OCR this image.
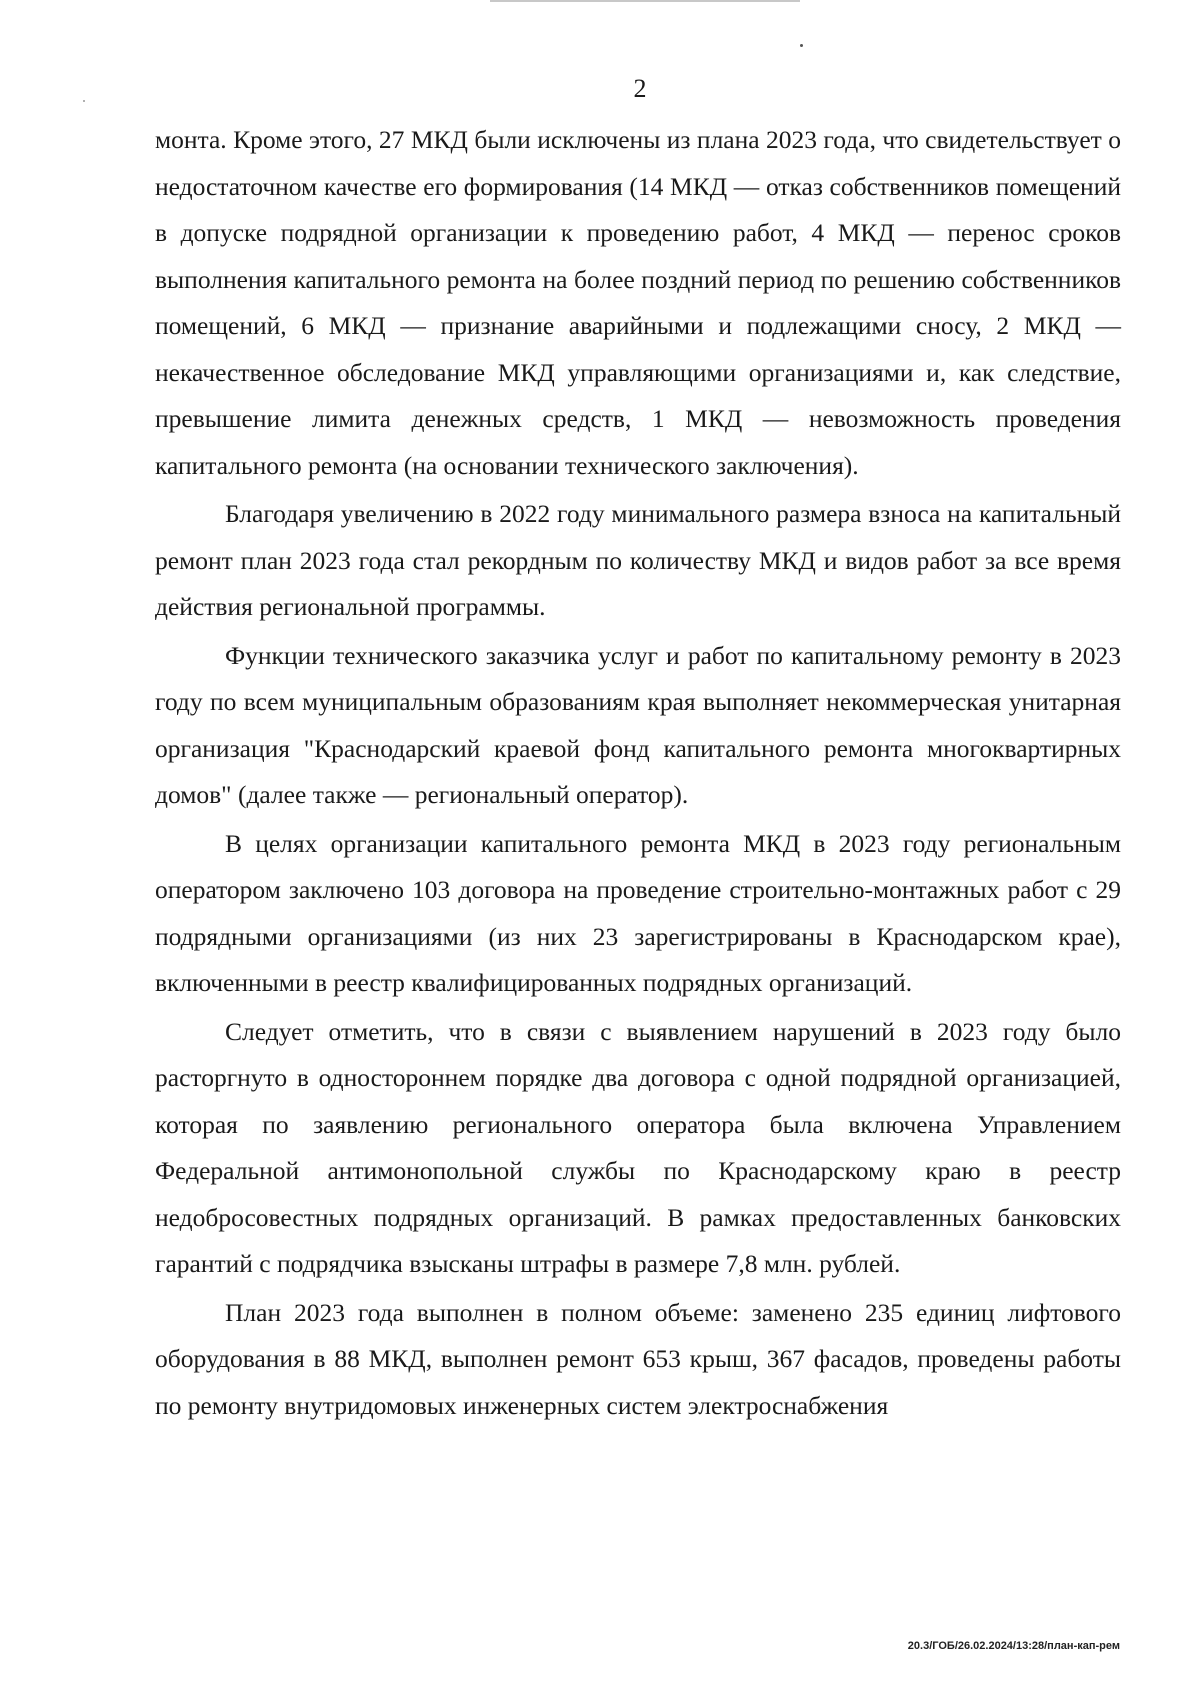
2

монта. Кроме этого, 27 МКД были исключены из плана 2023 года, что свидетельствует о недостаточном качестве его формирования (14 МКД — отказ собственников помещений в допуске подрядной организации к проведению работ, 4 МКД — перенос сроков выполнения капитального ремонта на более поздний период по решению собственников помещений, 6 МКД — признание аварийными и подлежащими сносу, 2 МКД — некачественное обследование МКД управляющими организациями и, как следствие, превышение лимита денежных средств, 1 МКД — невозможность проведения капитального ремонта (на основании технического заключения).

Благодаря увеличению в 2022 году минимального размера взноса на капитальный ремонт план 2023 года стал рекордным по количеству МКД и видов работ за все время действия региональной программы.

Функции технического заказчика услуг и работ по капитальному ремонту в 2023 году по всем муниципальным образованиям края выполняет некоммерческая унитарная организация "Краснодарский краевой фонд капитального ремонта многоквартирных домов" (далее также — региональный оператор).

В целях организации капитального ремонта МКД в 2023 году региональным оператором заключено 103 договора на проведение строительно-монтажных работ с 29 подрядными организациями (из них 23 зарегистрированы в Краснодарском крае), включенными в реестр квалифицированных подрядных организаций.

Следует отметить, что в связи с выявлением нарушений в 2023 году было расторгнуто в одностороннем порядке два договора с одной подрядной организацией, которая по заявлению регионального оператора была включена Управлением Федеральной антимонопольной службы по Краснодарскому краю в реестр недобросовестных подрядных организаций. В рамках предоставленных банковских гарантий с подрядчика взысканы штрафы в размере 7,8 млн. рублей.

План 2023 года выполнен в полном объеме: заменено 235 единиц лифтового оборудования в 88 МКД, выполнен ремонт 653 крыш, 367 фасадов, проведены работы по ремонту внутридомовых инженерных систем электроснабжения

20.3/ГОБ/26.02.2024/13:28/план-кап-рем
